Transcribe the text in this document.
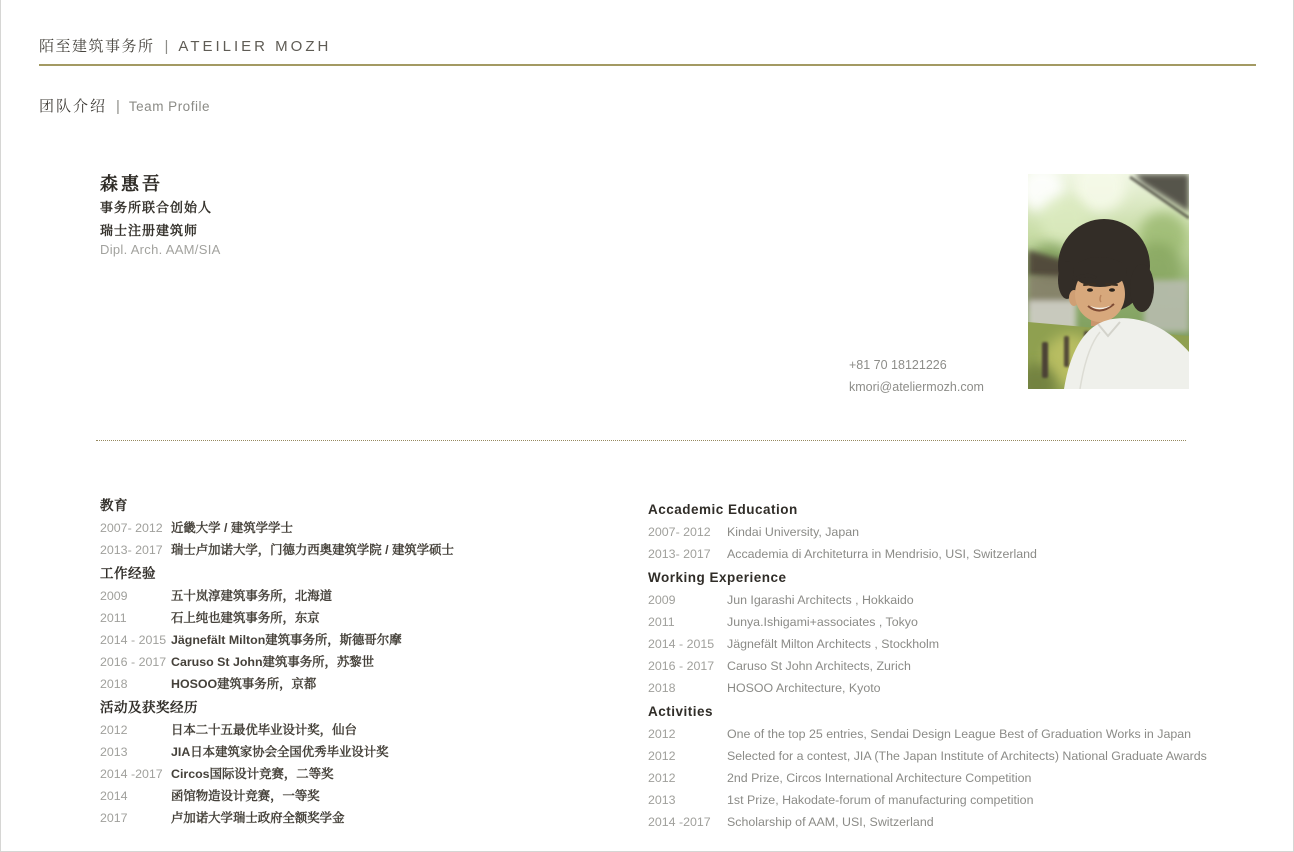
陌至建筑事务所 | ATEILIER MOZH
团队介绍 | Team Profile
森惠吾
事务所联合创始人
瑞士注册建筑师
Dipl. Arch. AAM/SIA
+81 70 18121226
kmori@ateliermozh.com
教育
2007- 2012 近畿大学 / 建筑学学士
2013- 2017 瑞士卢加诺大学，门德力西奥建筑学院 / 建筑学硕士
工作经验
2009	五十岚淳建筑事务所，北海道
2011	石上纯也建筑事务所，东京
2014 - 2015 Jägnefält Milton建筑事务所，斯德哥尔摩
2016 - 2017 Caruso St John建筑事务所，苏黎世
2018	HOSOO建筑事务所，京都
活动及获奖经历
2012	日本二十五最优毕业设计奖，仙台
2013	JIA日本建筑家协会全国优秀毕业设计奖
2014 -2017 Circos国际设计竞赛，二等奖
2014	函馆物造设计竞赛，一等奖
2017	卢加诺大学瑞士政府全额奖学金
Accademic Education
2007- 2012	Kindai University, Japan
2013- 2017	Accademia di Architeturra in Mendrisio, USI, Switzerland
Working Experience
2009	Jun Igarashi Architects , Hokkaido
2011	Junya.Ishigami+associates , Tokyo
2014 - 2015	Jägnefält Milton Architects , Stockholm
2016 - 2017	Caruso St John Architects, Zurich
2018	HOSOO Architecture, Kyoto
Activities
2012	One of the top 25 entries, Sendai Design League Best of Graduation Works in Japan
2012	Selected for a contest, JIA (The Japan Institute of Architects) National Graduate Awards
2012	2nd Prize, Circos International Architecture Competition
2013	1st Prize, Hakodate-forum of manufacturing competition
2014 -2017	Scholarship of AAM, USI, Switzerland
